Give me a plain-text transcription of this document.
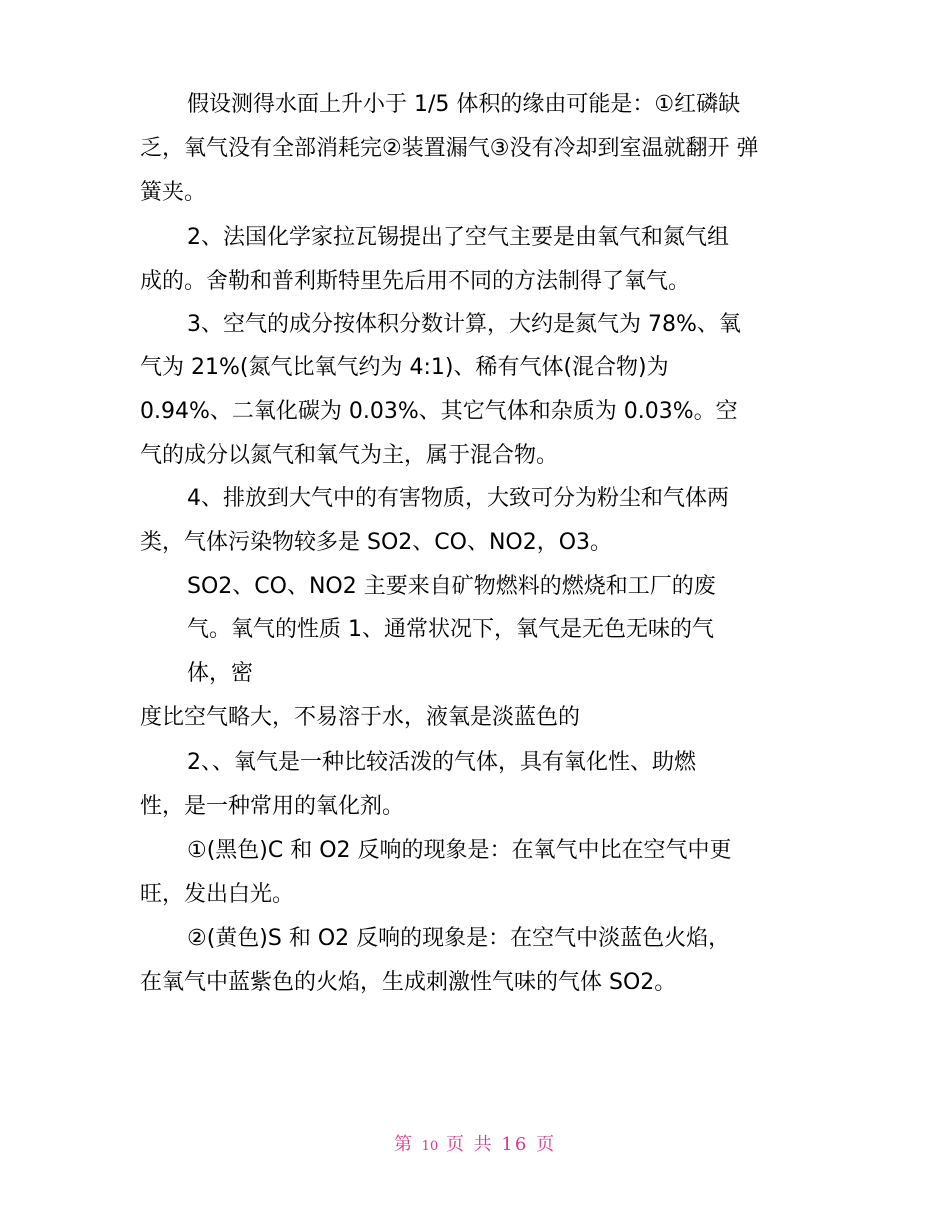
假设测得水面上升小于 1/5 体积的缘由可能是：①红磷缺
乏，氧气没有全部消耗完②装置漏气③没有冷却到室温就翻开 弹
簧夹。
2、法国化学家拉瓦锡提出了空气主要是由氧气和氮气组
成的。舍勒和普利斯特里先后用不同的方法制得了氧气。
3、空气的成分按体积分数计算，大约是氮气为 78%、氧
气为 21%(氮气比氧气约为 4:1)、稀有气体(混合物)为
0.94%、二氧化碳为 0.03%、其它气体和杂质为 0.03%。空
气的成分以氮气和氧气为主，属于混合物。
4、排放到大气中的有害物质，大致可分为粉尘和气体两
类，气体污染物较多是 SO2、CO、NO2，O3。
SO2、CO、NO2 主要来自矿物燃料的燃烧和工厂的废
气。氧气的性质 1、通常状况下，氧气是无色无味的气
体，密
度比空气略大，不易溶于水，液氧是淡蓝色的
2、、氧气是一种比较活泼的气体，具有氧化性、助燃
性，是一种常用的氧化剂。
①(黑色)C 和 O2 反响的现象是：在氧气中比在空气中更
旺，发出白光。
②(黄色)S 和 O2 反响的现象是：在空气中淡蓝色火焰，
在氧气中蓝紫色的火焰，生成刺激性气味的气体 SO2。
第 10 页 共 16 页
